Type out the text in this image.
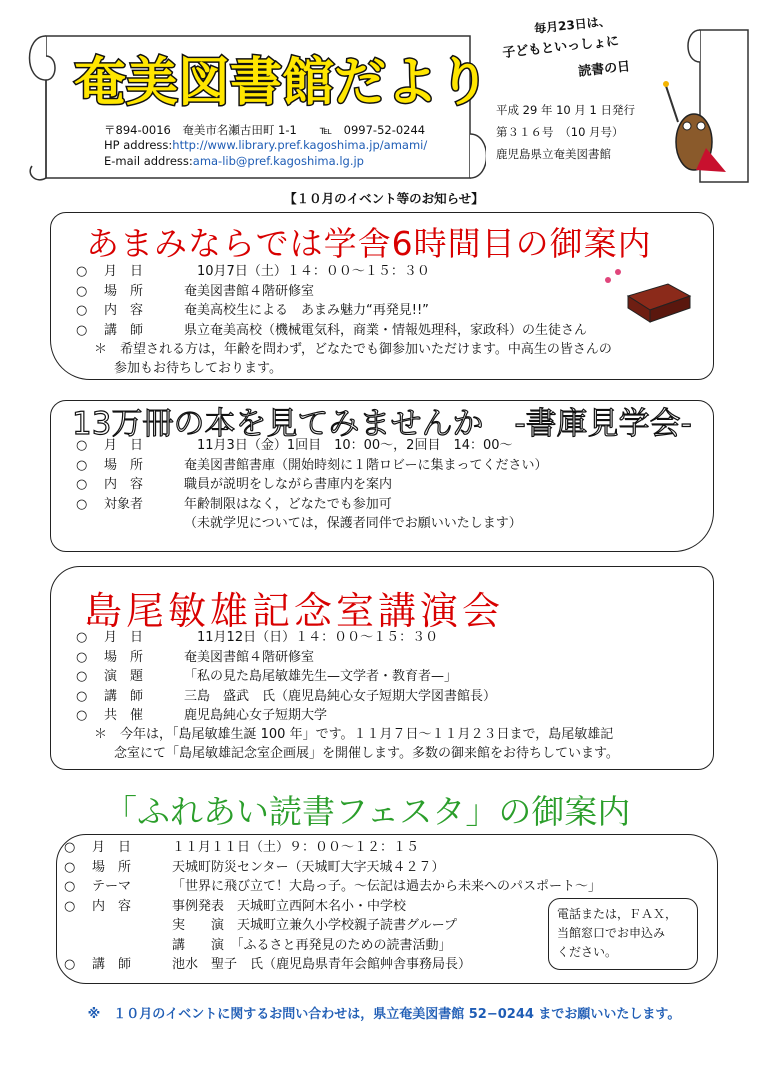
奄美図書館だより
〒894-0016　奄美市名瀬古田町 1-1　　℡　0997-52-0244
HP address:http://www.library.pref.kagoshima.jp/amami/
E-mail address:ama-lib@pref.kagoshima.lg.jp
平成 29 年 10 月 1 日発行
第３１６号　（10 月号）
鹿児島県立奄美図書館
毎月23日は、
子どもといっしょに
読書の日
【１０月のイベント等のお知らせ】
あまみならでは学舎6時間目の御案内
○	月　日	　10月7日（土）１４：００〜１５：３０
○	場　所	奄美図書館４階研修室
○	内　容	奄美高校生による　あまみ魅力“再発見!!”
○	講　師	県立奄美高校（機械電気科，商業・情報処理科，家政科）の生徒さん
＊　希望される方は，年齢を問わず，どなたでも御参加いただけます。中高生の皆さんの
参加もお待ちしております。
13万冊の本を見てみませんか　-書庫見学会-
○	月　日	　11月3日（金）1回目　10：00〜，2回目　14：00〜
○	場　所	奄美図書館書庫（開始時刻に１階ロビーに集まってください）
○	内　容	職員が説明をしながら書庫内を案内
○	対象者	年齢制限はなく，どなたでも参加可
（未就学児については，保護者同伴でお願いいたします）
島尾敏雄記念室講演会
○	月　日	　11月12日（日）１４：００〜１５：３０
○	場　所	奄美図書館４階研修室
○	演　題	「私の見た島尾敏雄先生—文学者・教育者—」
○	講　師	三島　盛武　氏（鹿児島純心女子短期大学図書館長）
○	共　催	鹿児島純心女子短期大学
＊　今年は，「島尾敏雄生誕 100 年」です。１１月７日〜１１月２３日まで，島尾敏雄記
念室にて「島尾敏雄記念室企画展」を開催します。多数の御来館をお待ちしています。
「ふれあい読書フェスタ」の御案内
○	月　日	１１月１１日（土）９：００〜１２：１５
○	場　所	天城町防災センター（天城町大字天城４２７）
○	テーマ	「世界に飛び立て！大島っ子。〜伝記は過去から未来へのパスポート〜」
○	内　容	事例発表　天城町立西阿木名小・中学校
実　　演　天城町立兼久小学校親子読書グループ
講　　演　「ふるさと再発見のための読書活動」
○	講　師	池水　聖子　氏（鹿児島県青年会館艸舎事務局長）
電話または，ＦＡＸ，
当館窓口でお申込み
ください。
※　１０月のイベントに関するお問い合わせは，県立奄美図書館 52−0244 までお願いいたします。
